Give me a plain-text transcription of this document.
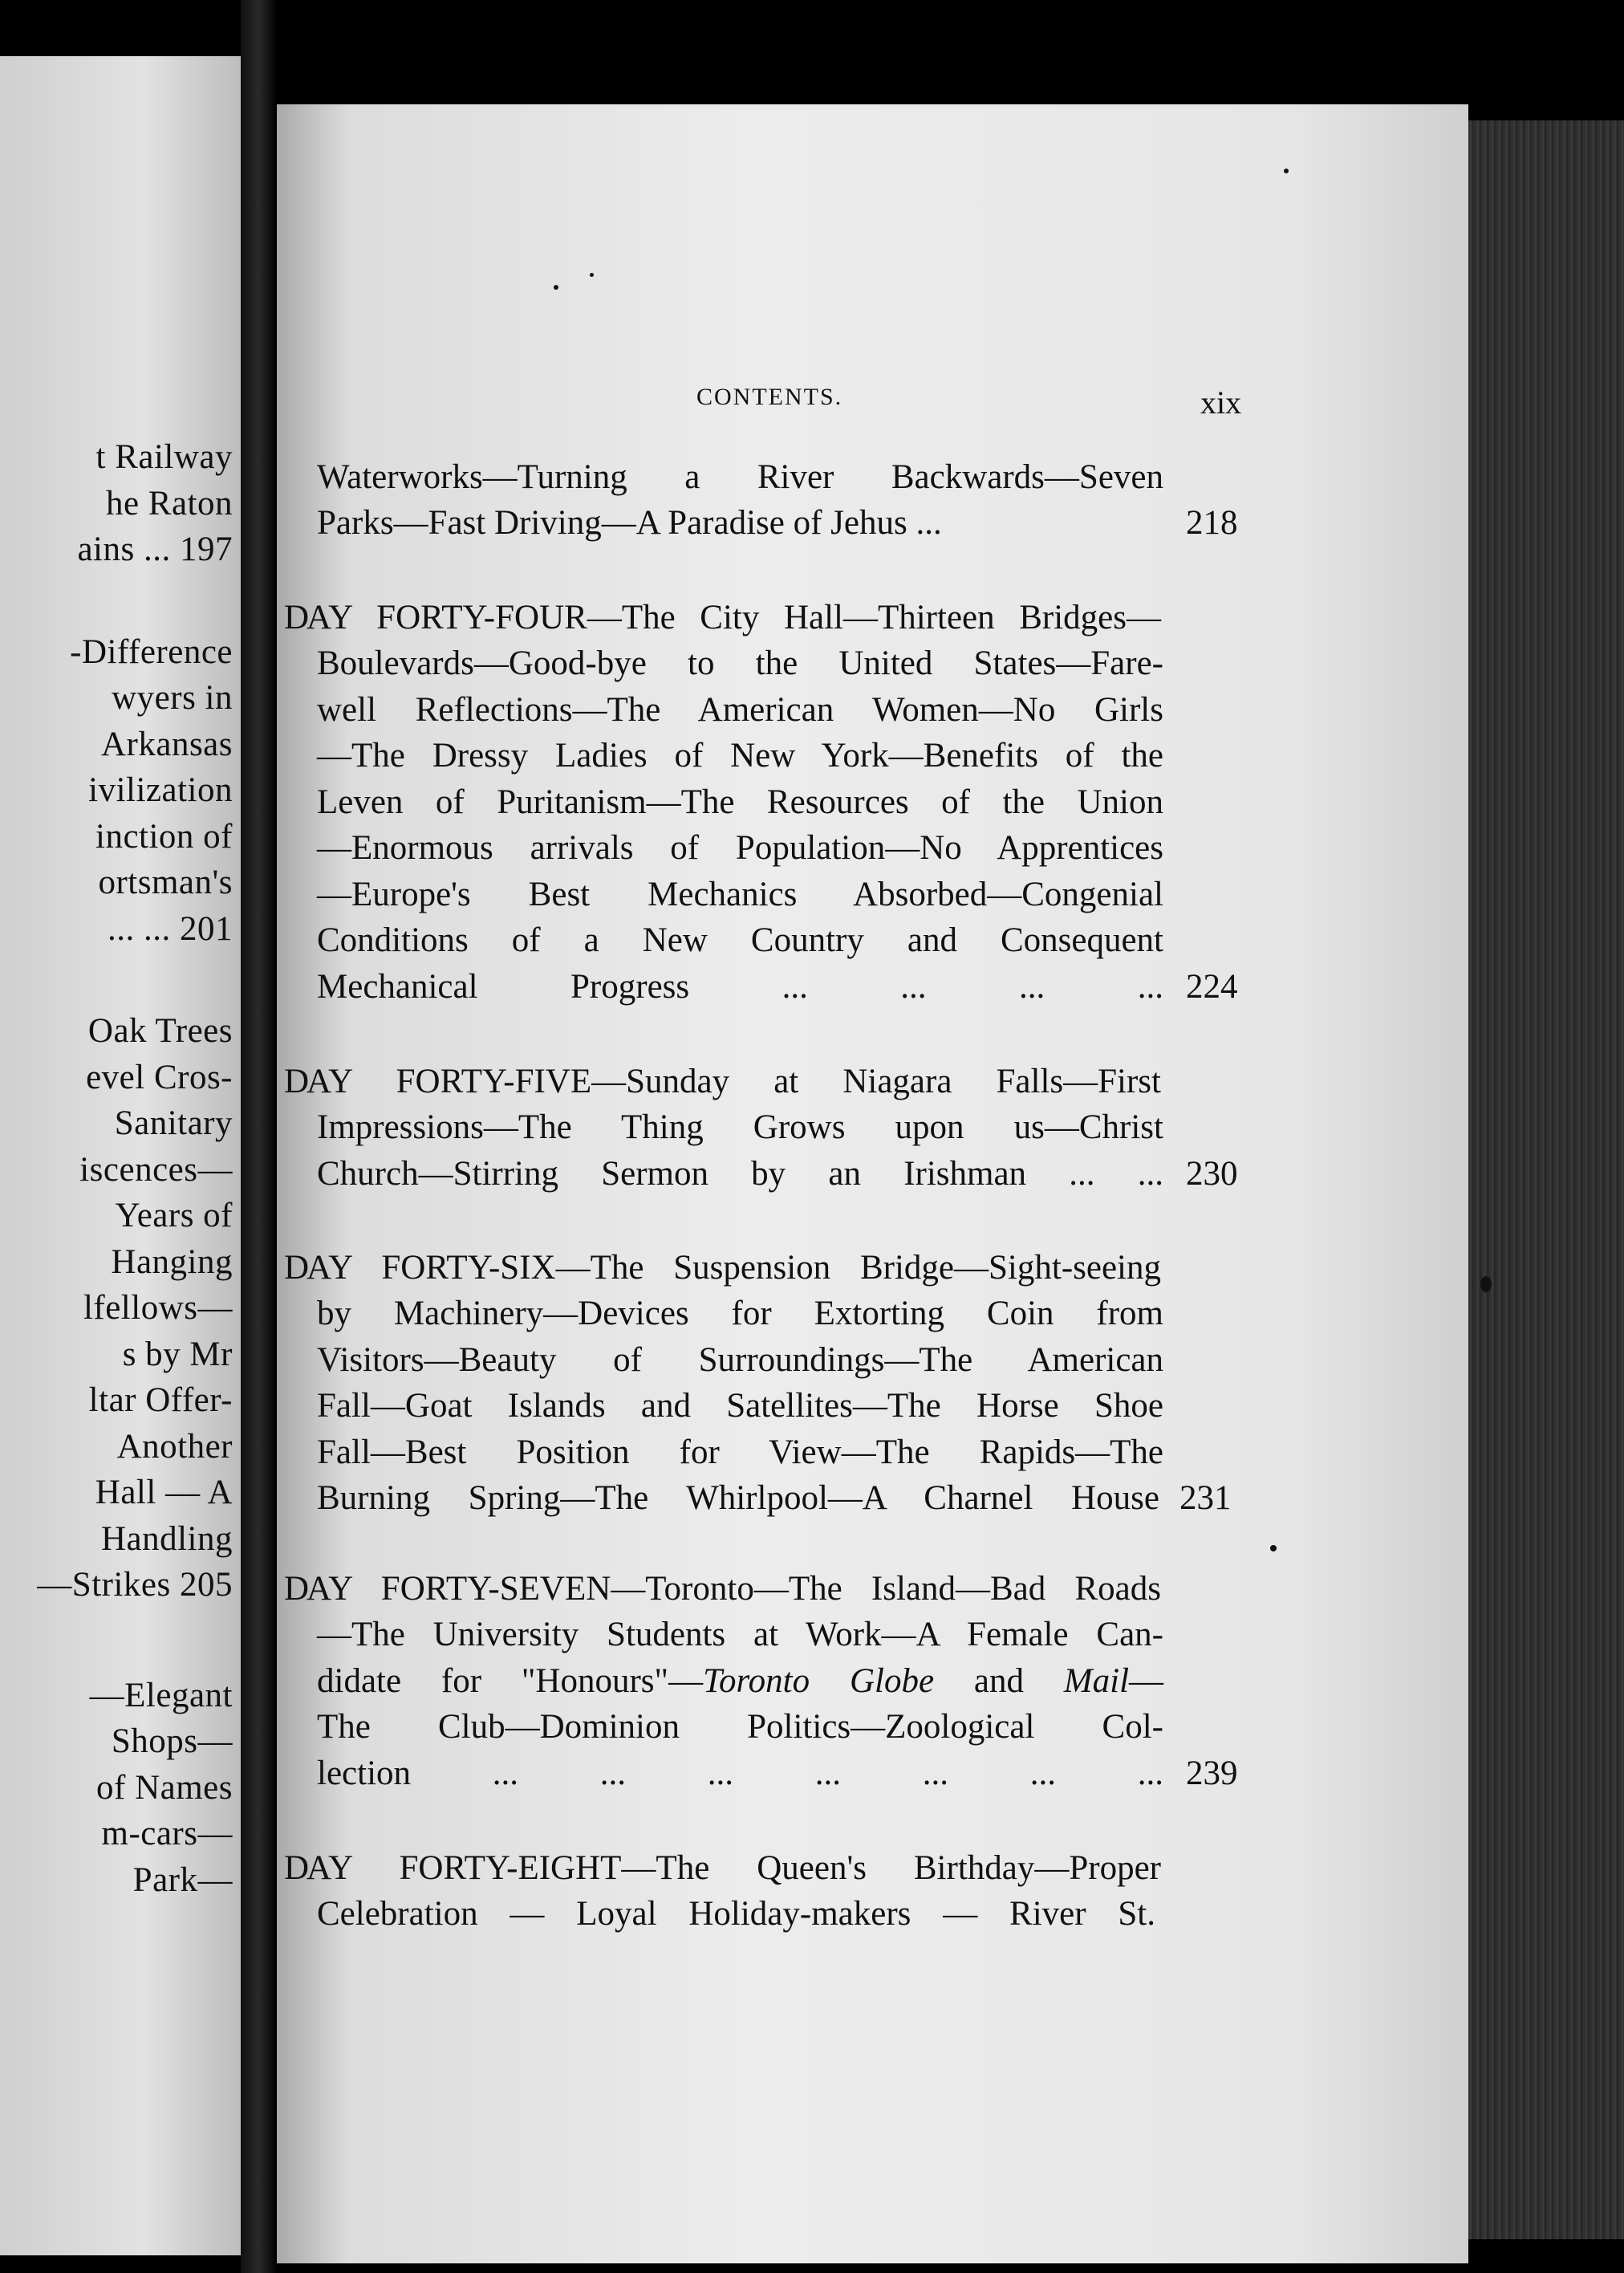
t Railway
he Raton
ains ... 197
-Difference
wyers in
Arkansas
ivilization
inction of
ortsman's
... ... 201
Oak Trees
evel Cros-
Sanitary
iscences—
Years of
Hanging
lfellows—
s by Mr
ltar Offer-
Another
Hall — A
Handling
—Strikes 205
—Elegant
Shops—
of Names
m-cars—
Park—
CONTENTS.	xix
Waterworks—Turning a River Backwards—Seven
Parks—Fast Driving—A Paradise of Jehus ...	218
D
AY FORTY-FOUR—The City Hall—Thirteen Bridges—
Boulevards—Good-bye to the United States—Fare-
well Reflections—The American Women—No Girls
—The Dressy Ladies of New York—Benefits of the
Leven of Puritanism—The Resources of the Union
—Enormous arrivals of Population—No Apprentices
—Europe's Best Mechanics Absorbed—Congenial
Conditions of a New Country and Consequent
Mechanical Progress ... ... ... ... 224
D
AY FORTY-FIVE—Sunday at Niagara Falls—First
Impressions—The Thing Grows upon us—Christ
Church—Stirring Sermon by an Irishman ... ... 230
D
AY FORTY-SIX—The Suspension Bridge—Sight-seeing
by Machinery—Devices for Extorting Coin from
Visitors—Beauty of Surroundings—The American
Fall—Goat Islands and Satellites—The Horse Shoe
Fall—Best Position for View—The Rapids—The
Burning Spring—The Whirlpool—A Charnel House 231
D
AY FORTY-SEVEN—Toronto—The Island—Bad Roads
—The University Students at Work—A Female Can-
didate for "Honours"—Toronto Globe and Mail—
The Club—Dominion Politics—Zoological Col-
lection ... ... ... ... ... ... ... 239
D
AY FORTY-EIGHT—The Queen's Birthday—Proper
Celebration — Loyal Holiday-makers — River St.
